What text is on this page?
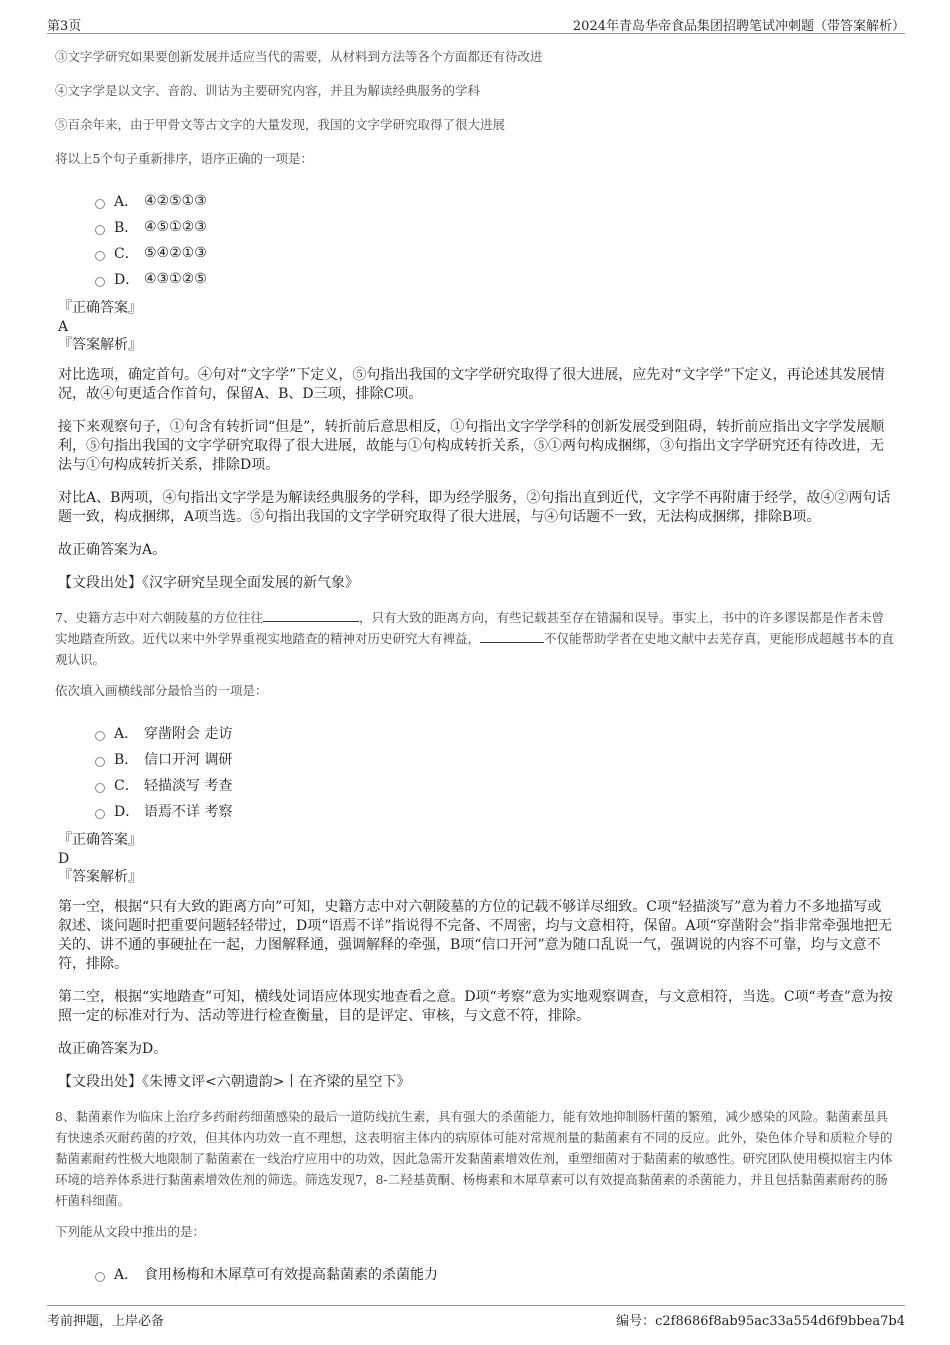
第3页	2024年青岛华帝食品集团招聘笔试冲刺题（带答案解析）
③文字学研究如果要创新发展并适应当代的需要，从材料到方法等各个方面都还有待改进
④文字学是以文字、音韵、训诂为主要研究内容，并且为解读经典服务的学科
⑤百余年来，由于甲骨文等古文字的大量发现，我国的文字学研究取得了很大进展
将以上5个句子重新排序，语序正确的一项是：
A． ④②⑤①③
B． ④⑤①②③
C． ⑤④②①③
D． ④③①②⑤
『正确答案』
A
『答案解析』

对比选项，确定首句。④句对“文字学”下定义，⑤句指出我国的文字学研究取得了很大进展，应先对“文字学”下定义，再论述其发展情况，故④句更适合作首句，保留A、B、D三项，排除C项。

接下来观察句子，①句含有转折词“但是”，转折前后意思相反，①句指出文字学学科的创新发展受到阻碍，转折前应指出文字学发展顺利，⑤句指出我国的文字学研究取得了很大进展，故能与①句构成转折关系，⑤①两句构成捆绑，③句指出文字学研究还有待改进，无法与①句构成转折关系，排除D项。

对比A、B两项，④句指出文字学是为解读经典服务的学科，即为经学服务，②句指出直到近代，文字学不再附庸于经学，故④②两句话题一致，构成捆绑，A项当选。⑤句指出我国的文字学研究取得了很大进展，与④句话题不一致，无法构成捆绑，排除B项。

故正确答案为A。

【文段出处】《汉字研究呈现全面发展的新气象》

7、史籍方志中对六朝陵墓的方位往往	，只有大致的距离方向，有些记载甚至存在错漏和误导。事实上，书中的许多谬误都是作者未曾实地踏查所致。近代以来中外学界重视实地踏查的精神对历史研究大有裨益，	不仅能帮助学者在史地文献中去芜存真，更能形成超越书本的直观认识。

依次填入画横线部分最恰当的一项是：
A． 穿凿附会 走访
B． 信口开河 调研
C． 轻描淡写 考查
D． 语焉不详 考察
『正确答案』
D
『答案解析』

第一空，根据“只有大致的距离方向”可知，史籍方志中对六朝陵墓的方位的记载不够详尽细致。C项“轻描淡写”意为着力不多地描写或叙述、谈问题时把重要问题轻轻带过，D项“语焉不详”指说得不完备、不周密，均与文意相符，保留。A项“穿凿附会”指非常牵强地把无关的、讲不通的事硬扯在一起，力图解释通，强调解释的牵强，B项“信口开河”意为随口乱说一气，强调说的内容不可靠，均与文意不符，排除。

第二空，根据“实地踏查”可知，横线处词语应体现实地查看之意。D项“考察”意为实地观察调查，与文意相符，当选。C项“考查”意为按照一定的标准对行为、活动等进行检查衡量，目的是评定、审核，与文意不符，排除。

故正确答案为D。

【文段出处】《朱博文评<六朝遗韵>丨在齐梁的星空下》

8、黏菌素作为临床上治疗多药耐药细菌感染的最后一道防线抗生素，具有强大的杀菌能力，能有效地抑制肠杆菌的繁殖，减少感染的风险。黏菌素虽具有快速杀灭耐药菌的疗效，但其体内功效一直不理想，这表明宿主体内的病原体可能对常规剂量的黏菌素有不同的反应。此外，染色体介导和质粒介导的黏菌素耐药性极大地限制了黏菌素在一线治疗应用中的功效，因此急需开发黏菌素增效佐剂，重塑细菌对于黏菌素的敏感性。研究团队使用模拟宿主内体环境的培养体系进行黏菌素增效佐剂的筛选。筛选发现7，8-二羟基黄酮、杨梅素和木犀草素可以有效提高黏菌素的杀菌能力，并且包括黏菌素耐药的肠杆菌科细菌。

下列能从文段中推出的是：
A． 食用杨梅和木犀草可有效提高黏菌素的杀菌能力
考前押题，上岸必备	编号：c2f8686f8ab95ac33a554d6f9bbea7b4
